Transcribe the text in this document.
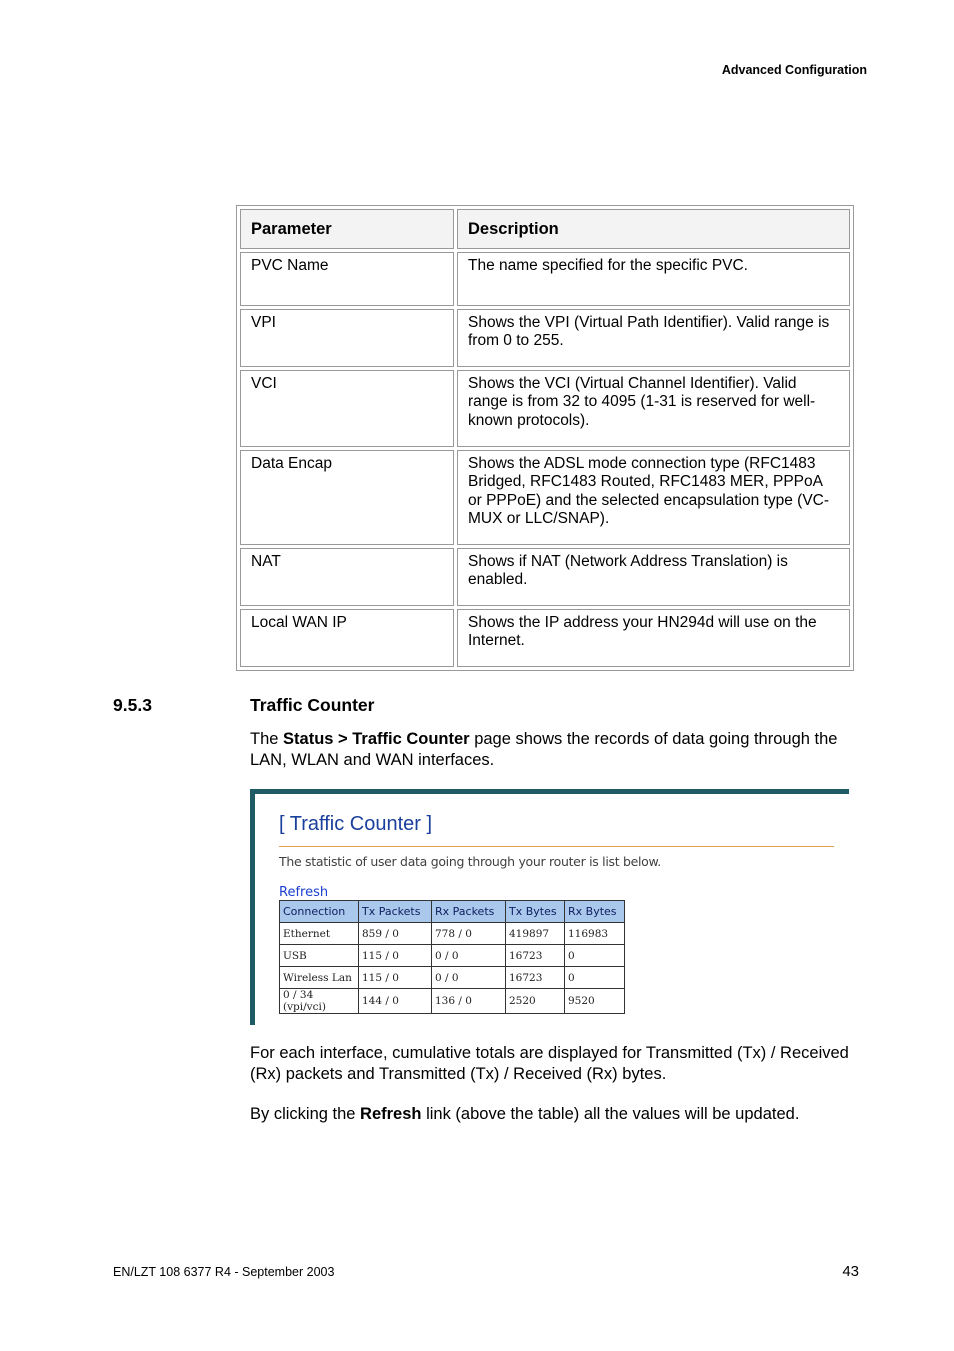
Advanced Configuration
Parameter	Description
PVC Name	The name specified for the specific PVC.
VPI	Shows the VPI (Virtual Path Identifier). Valid range is from 0 to 255.
VCI	Shows the VCI (Virtual Channel Identifier). Valid range is from 32 to 4095 (1-31 is reserved for well-known protocols).
Data Encap	Shows the ADSL mode connection type (RFC1483 Bridged, RFC1483 Routed, RFC1483 MER, PPPoA or PPPoE) and the selected encapsulation type (VC-MUX or LLC/SNAP).
NAT	Shows if NAT (Network Address Translation) is enabled.
Local WAN IP	Shows the IP address your HN294d will use on the Internet.
9.5.3	Traffic Counter
The Status > Traffic Counter page shows the records of data going through the LAN, WLAN and WAN interfaces.
[ Traffic Counter ]
The statistic of user data going through your router is list below.
Refresh
Connection	Tx Packets	Rx Packets	Tx Bytes	Rx Bytes
Ethernet	859 / 0	778 / 0	419897	116983
USB	115 / 0	0 / 0	16723	0
Wireless Lan	115 / 0	0 / 0	16723	0
0 / 34 (vpi/vci)	144 / 0	136 / 0	2520	9520
For each interface, cumulative totals are displayed for Transmitted (Tx) / Received (Rx) packets and Transmitted (Tx) / Received (Rx) bytes.
By clicking the Refresh link (above the table) all the values will be updated.
EN/LZT 108 6377 R4 - September 2003	43
